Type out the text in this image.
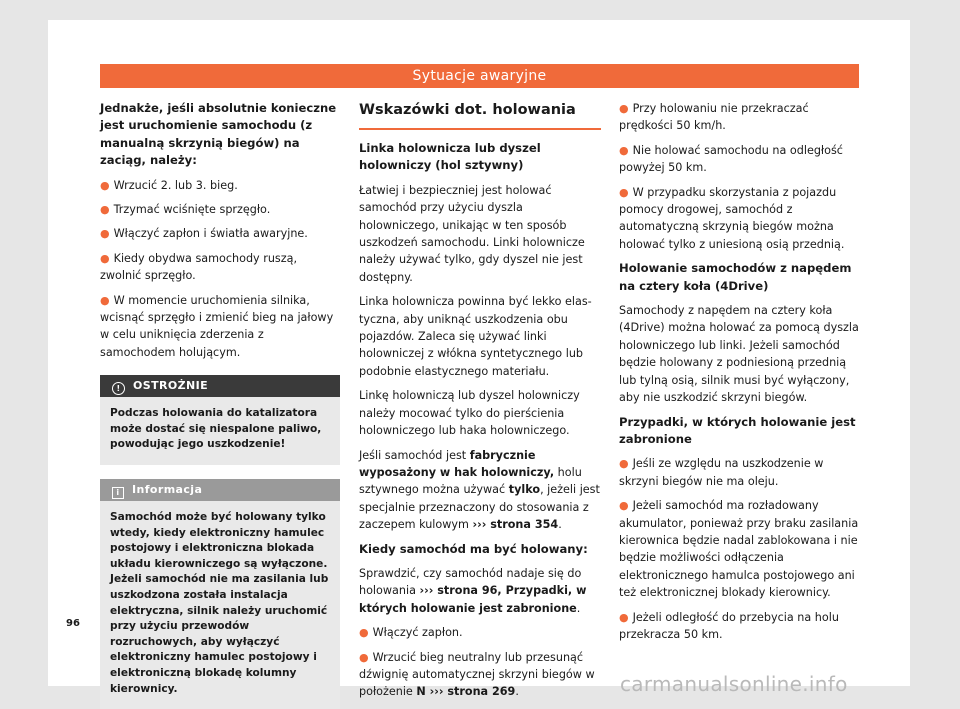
Sytuacje awaryjne

Jednakże, jeśli absolutnie konieczne jest uruchomienie samochodu (z manualną skrzynią biegów) na zaciąg, należy:

● Wrzucić 2. lub 3. bieg.

● Trzymać wciśnięte sprzęgło.

● Włączyć zapłon i światła awaryjne.

● Kiedy obydwa samochody ruszą, zwolnić sprzęgło.

● W momencie uruchomienia silnika, wcisnąć sprzęgło i zmienić bieg na jałowy w celu uniknięcia zderzenia z samochodem holującym.

! OSTROŻNIE
Podczas holowania do katalizatora może dostać się niespalone paliwo, powodując jego uszkodzenie!
i Informacja
Samochód może być holowany tylko wtedy, kiedy elektroniczny hamulec postojowy i elektroniczna blokada układu kierowniczego są wyłączone. Jeżeli samochód nie ma zasilania lub uszkodzona została instalacja elektryczna, silnik należy uruchomić przy użyciu przewodów rozruchowych, aby wyłączyć elektroniczny hamulec postojowy i elektroniczną blokadę kolumny kierownicy.
Wskazówki dot. holowania

Linka holownicza lub dyszel holowniczy (hol sztywny)

Łatwiej i bezpieczniej jest holować samochód przy użyciu dyszla holowniczego, unikając w ten sposób uszkodzeń samochodu. Linki holownicze należy używać tylko, gdy dyszel nie jest dostępny.

Linka holownicza powinna być lekko elastyczna, aby uniknąć uszkodzenia obu pojazdów. Zaleca się używać linki holowniczej z włókna syntetycznego lub podobnie elastycznego materiału.

Linkę holowniczą lub dyszel holowniczy należy mocować tylko do pierścienia holowniczego lub haka holowniczego.

Jeśli samochód jest fabrycznie wyposażony w hak holowniczy, holu sztywnego można używać tylko, jeżeli jest specjalnie przeznaczony do stosowania z zaczepem kulowym ››› strona 354.

Kiedy samochód ma być holowany:

Sprawdzić, czy samochód nadaje się do holowania ››› strona 96, Przypadki, w których holowanie jest zabronione.

● Włączyć zapłon.

● Wrzucić bieg neutralny lub przesunąć dźwignię automatycznej skrzyni biegów w położenie N ››› strona 269.

● Przy holowaniu nie przekraczać prędkości 50 km/h.

● Nie holować samochodu na odległość powyżej 50 km.

● W przypadku skorzystania z pojazdu pomocy drogowej, samochód z automatyczną skrzynią biegów można holować tylko z uniesioną osią przednią.

Holowanie samochodów z napędem na cztery koła (4Drive)

Samochody z napędem na cztery koła (4Drive) można holować za pomocą dyszla holowniczego lub linki. Jeżeli samochód będzie holowany z podniesioną przednią lub tylną osią, silnik musi być wyłączony, aby nie uszkodzić skrzyni biegów.

Przypadki, w których holowanie jest zabronione

● Jeśli ze względu na uszkodzenie w skrzyni biegów nie ma oleju.

● Jeżeli samochód ma rozładowany akumulator, ponieważ przy braku zasilania kierownica będzie nadal zablokowana i nie będzie możliwości odłączenia elektronicznego hamulca postojowego ani też elektronicznej blokady kierownicy.

● Jeżeli odległość do przebycia na holu przekracza 50 km.

96
carmanualsonline.info
